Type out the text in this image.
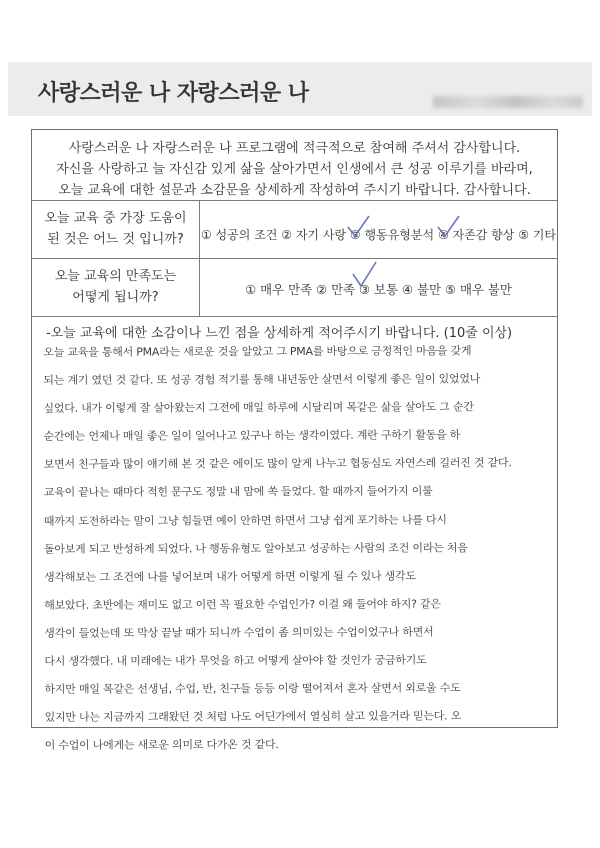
사랑스러운 나 자랑스러운 나
사랑스러운 나 자랑스러운 나 프로그램에 적극적으로 참여해 주셔서 감사합니다.
자신을 사랑하고 늘 자신감 있게 삶을 살아가면서 인생에서 큰 성공 이루기를 바라며,
오늘 교육에 대한 설문과 소감문을 상세하게 작성하여 주시기 바랍니다. 감사합니다.
오늘 교육 중 가장 도움이
된 것은 어느 것 입니까?	① 성공의 조건 ② 자기 사랑 ③ 행동유형분석 ④ 자존감 향상 ⑤ 기타
오늘 교육의 만족도는
어떻게 됩니까?
① 매우 만족 ② 만족 ③ 보통 ④ 불만 ⑤ 매우 불만
-오늘 교육에 대한 소감이나 느낀 점을 상세하게 적어주시기 바랍니다. (10줄 이상)
오늘 교육을 통해서 PMA라는 새로운 것을 알았고 그 PMA를 바탕으로 긍정적인 마음을 갖게
되는 계기 였던 것 같다. 또 성공 경험 적기를 통해 내년동안 살면서 이렇게 좋은 일이 있었었나
싶었다. 내가 이렇게 잘 살아왔는지 그전에 매일 하루에 시달리며 목같은 삶을 살아도 그 순간
순간에는 언제나 매일 좋은 일이 일어나고 있구나 하는 생각이였다. 계란 구하기 활동을 하
보면서 친구들과 많이 얘기해 본 것 같은 에이도 많이 알게 나누고 협동심도 자연스레 길러진 것 같다.
교육이 끝나는 때마다 적힌 문구도 정말 내 맘에 쏙 들었다. 할 때까지 들어가지 이룰
때까지 도전하라는 말이 그냥 힘들면 예이 안하면 하면서 그냥 쉽게 포기하는 나를 다시
돌아보게 되고 반성하게 되었다. 나 행동유형도 알아보고 성공하는 사람의 조건 이라는 처음
생각해보는 그 조건에 나를 넣어보며 내가 어떻게 하면 이렇게 될 수 있나 생각도
해보았다. 초반에는 재미도 없고 이런 꼭 필요한 수업인가? 이걸 왜 들어야 하지? 같은
생각이 들었는데 또 막상 끝날 때가 되니까 수업이 좀 의미있는 수업이었구나 하면서
다시 생각했다. 내 미래에는 내가 무엇을 하고 어떻게 살아야 할 것인가 궁금하기도
하지만 매일 목같은 선생님, 수업, 반, 친구들 등등 이랑 떨어져서 혼자 살면서 외로울 수도
있지만 나는 지금까지 그래왔던 것 처럼 나도 어딘가에서 열심히 살고 있을거라 믿는다. 오
이 수업이 나에게는 새로운 의미로 다가온 것 같다.
